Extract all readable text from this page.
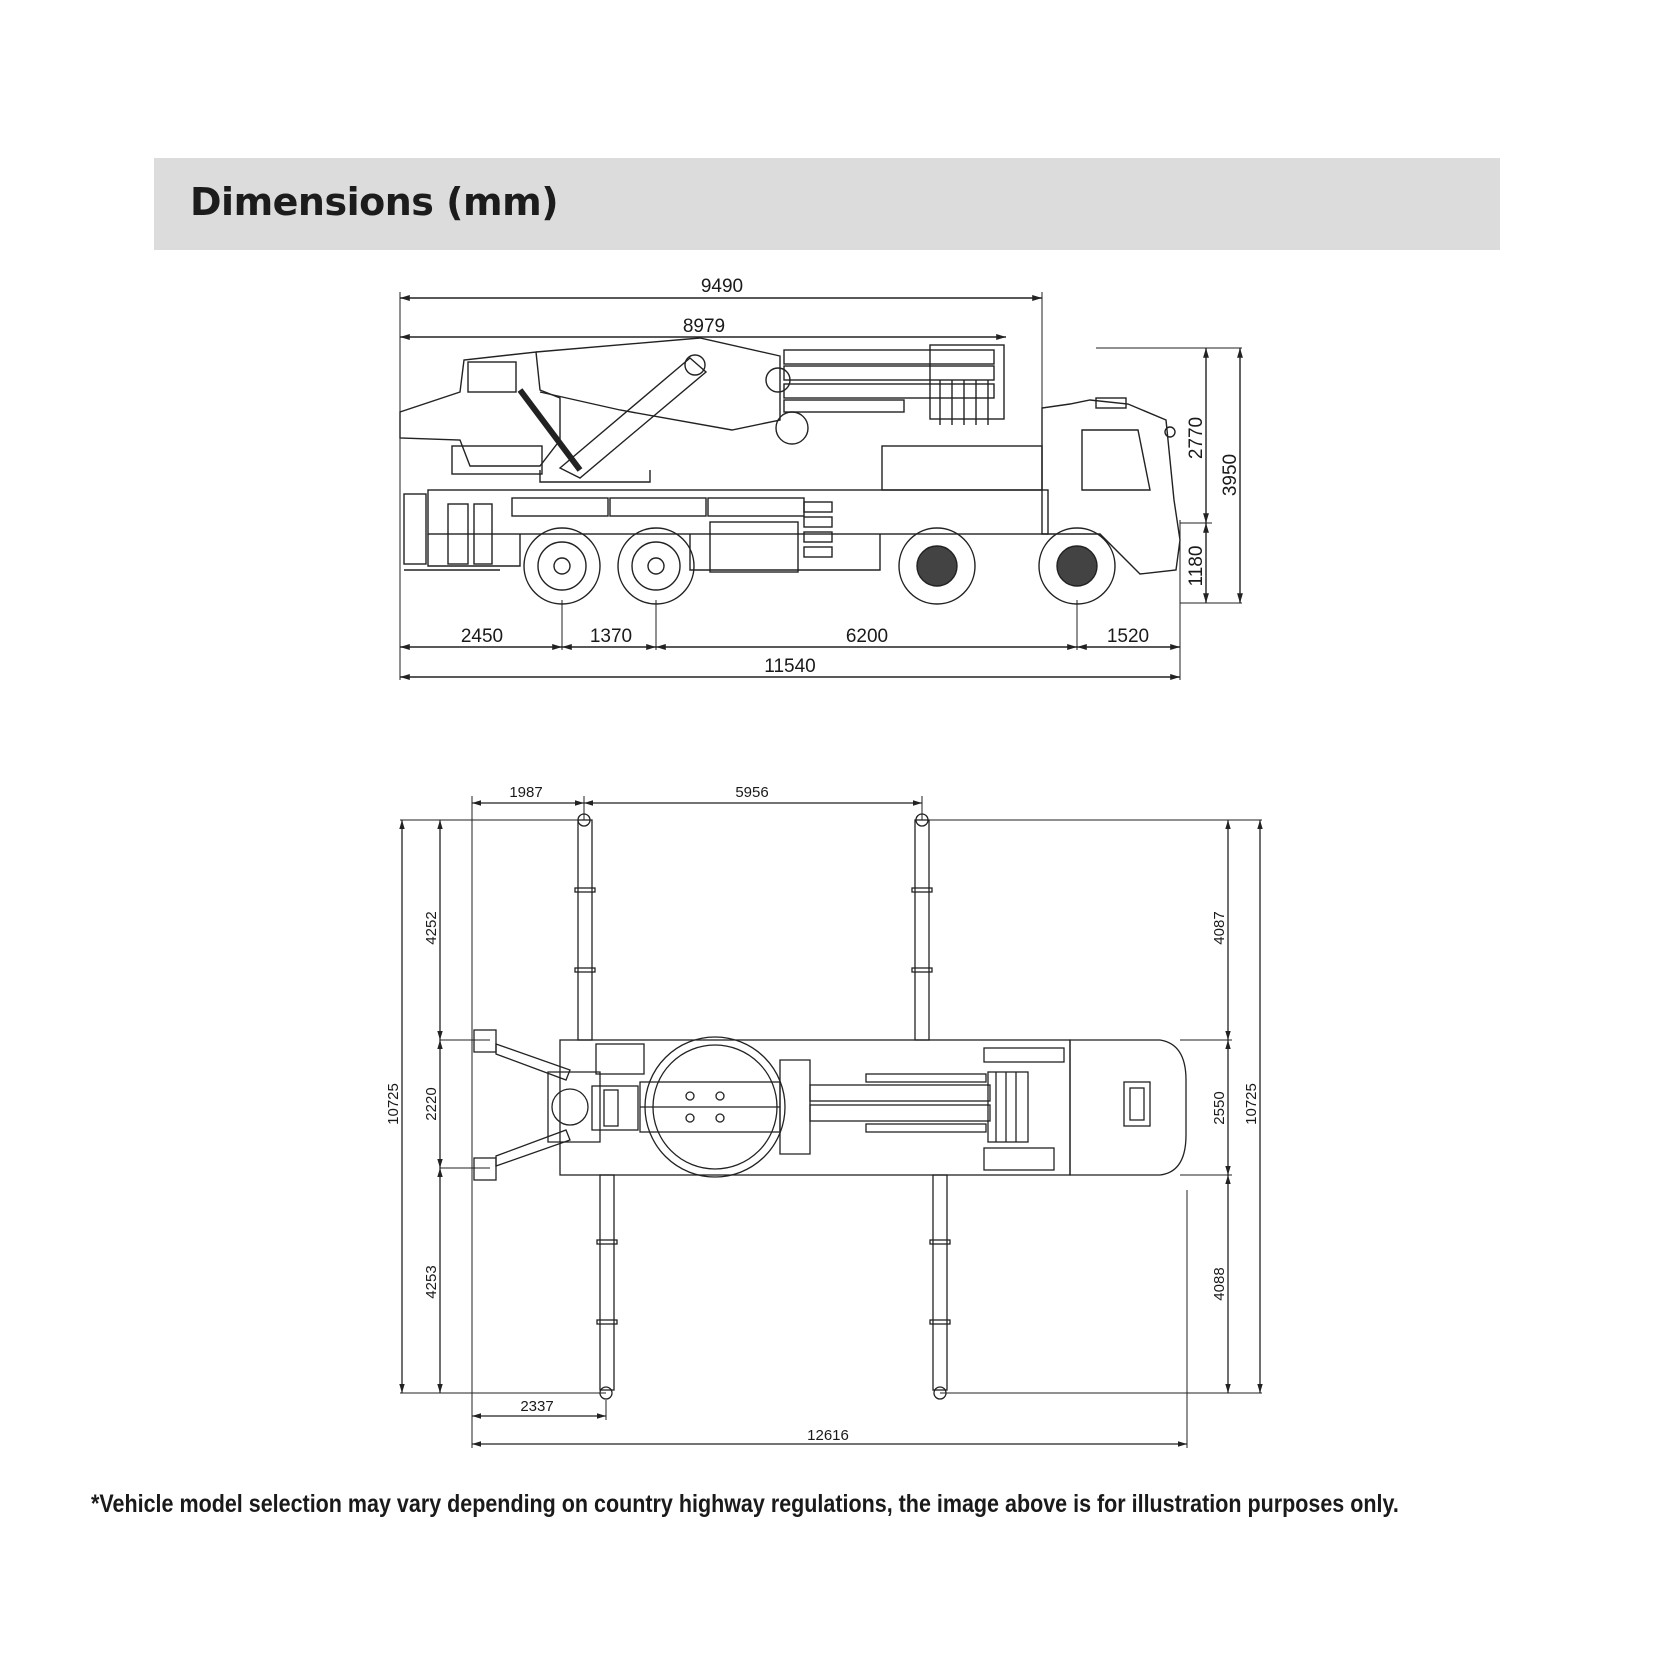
Dimensions (mm)
9490
8979
2770
3950
1180
2450	1370	6200	1520
11540
1987	5956
4252
2220
4253
10725
4087
2550
4088
10725
2337
12616
*Vehicle model selection may vary depending on country highway regulations, the image above is for illustration purposes only.
